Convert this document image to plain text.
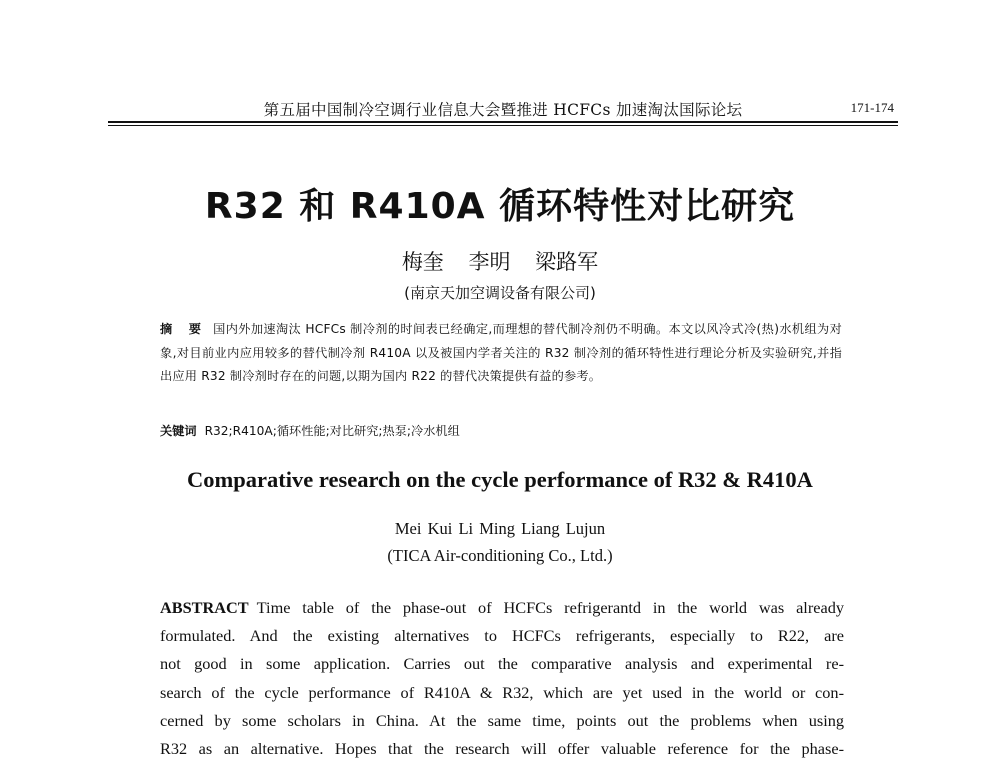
第五届中国制冷空调行业信息大会暨推进 HCFCs 加速淘汰国际论坛	171-174
R32 和 R410A 循环特性对比研究
梅奎 李明 梁路军
(南京天加空调设备有限公司)
摘 要 国内外加速淘汰 HCFCs 制冷剂的时间表已经确定,而理想的替代制冷剂仍不明确。本文以风冷式冷(热)水机组为对象,对目前业内应用较多的替代制冷剂 R410A 以及被国内学者关注的 R32 制冷剂的循环特性进行理论分析及实验研究,并指出应用 R32 制冷剂时存在的问题,以期为国内 R22 的替代决策提供有益的参考。
关键词 R32;R410A;循环性能;对比研究;热泵;冷水机组
Comparative research on the cycle performance of R32 & R410A
Mei Kui Li Ming Liang Lujun
(TICA Air-conditioning Co., Ltd.)
ABSTRACT Time table of the phase-out of HCFCs refrigerantd in the world was already
formulated. And the existing alternatives to HCFCs refrigerants, especially to R22, are
not good in some application. Carries out the comparative analysis and experimental re-
search of the cycle performance of R410A & R32, which are yet used in the world or con-
cerned by some scholars in China. At the same time, points out the problems when using
R32 as an alternative. Hopes that the research will offer valuable reference for the phase-
